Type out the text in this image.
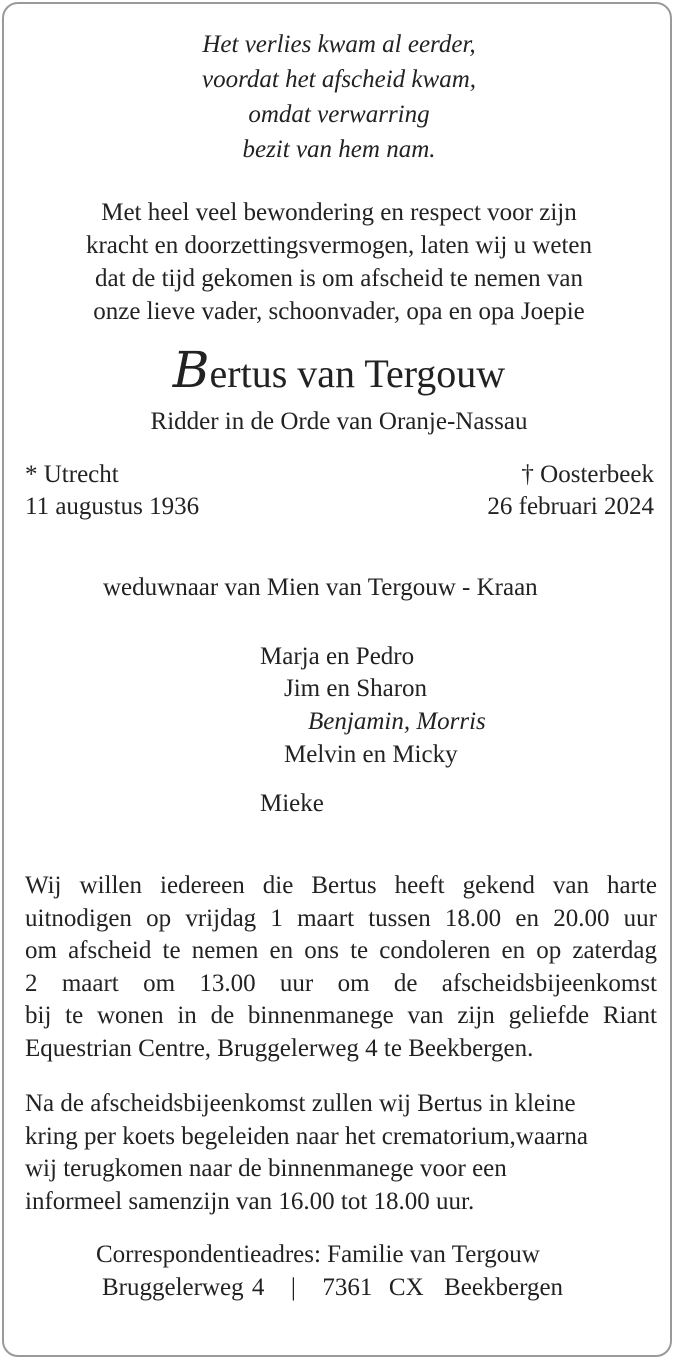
Het verlies kwam al eerder,
voordat het afscheid kwam,
omdat verwarring
bezit van hem nam.
Met heel veel bewondering en respect voor zijn
kracht en doorzettingsvermogen, laten wij u weten
dat de tijd gekomen is om afscheid te nemen van
onze lieve vader, schoonvader, opa en opa Joepie
Bertus van Tergouw
Ridder in de Orde van Oranje-Nassau
* Utrecht
11 augustus 1936
† Oosterbeek
26 februari 2024
weduwnaar van Mien van Tergouw - Kraan
Marja en Pedro
Jim en Sharon
Benjamin, Morris
Melvin en Micky
Mieke
Wij willen iedereen die Bertus heeft gekend van harte
uitnodigen op vrijdag 1 maart tussen 18.00 en 20.00 uur
om afscheid te nemen en ons te condoleren en op zaterdag
2 maart om 13.00 uur om de afscheidsbijeenkomst
bij te wonen in de binnenmanege van zijn geliefde Riant
Equestrian Centre, Bruggelerweg 4 te Beekbergen.
Na de afscheidsbijeenkomst zullen wij Bertus in kleine
kring per koets begeleiden naar het crematorium,waarna
wij terugkomen naar de binnenmanege voor een
informeel samenzijn van 16.00 tot 18.00 uur.
Correspondentieadres: Familie van Tergouw
Bruggelerweg 4 | 7361  CX Beekbergen
